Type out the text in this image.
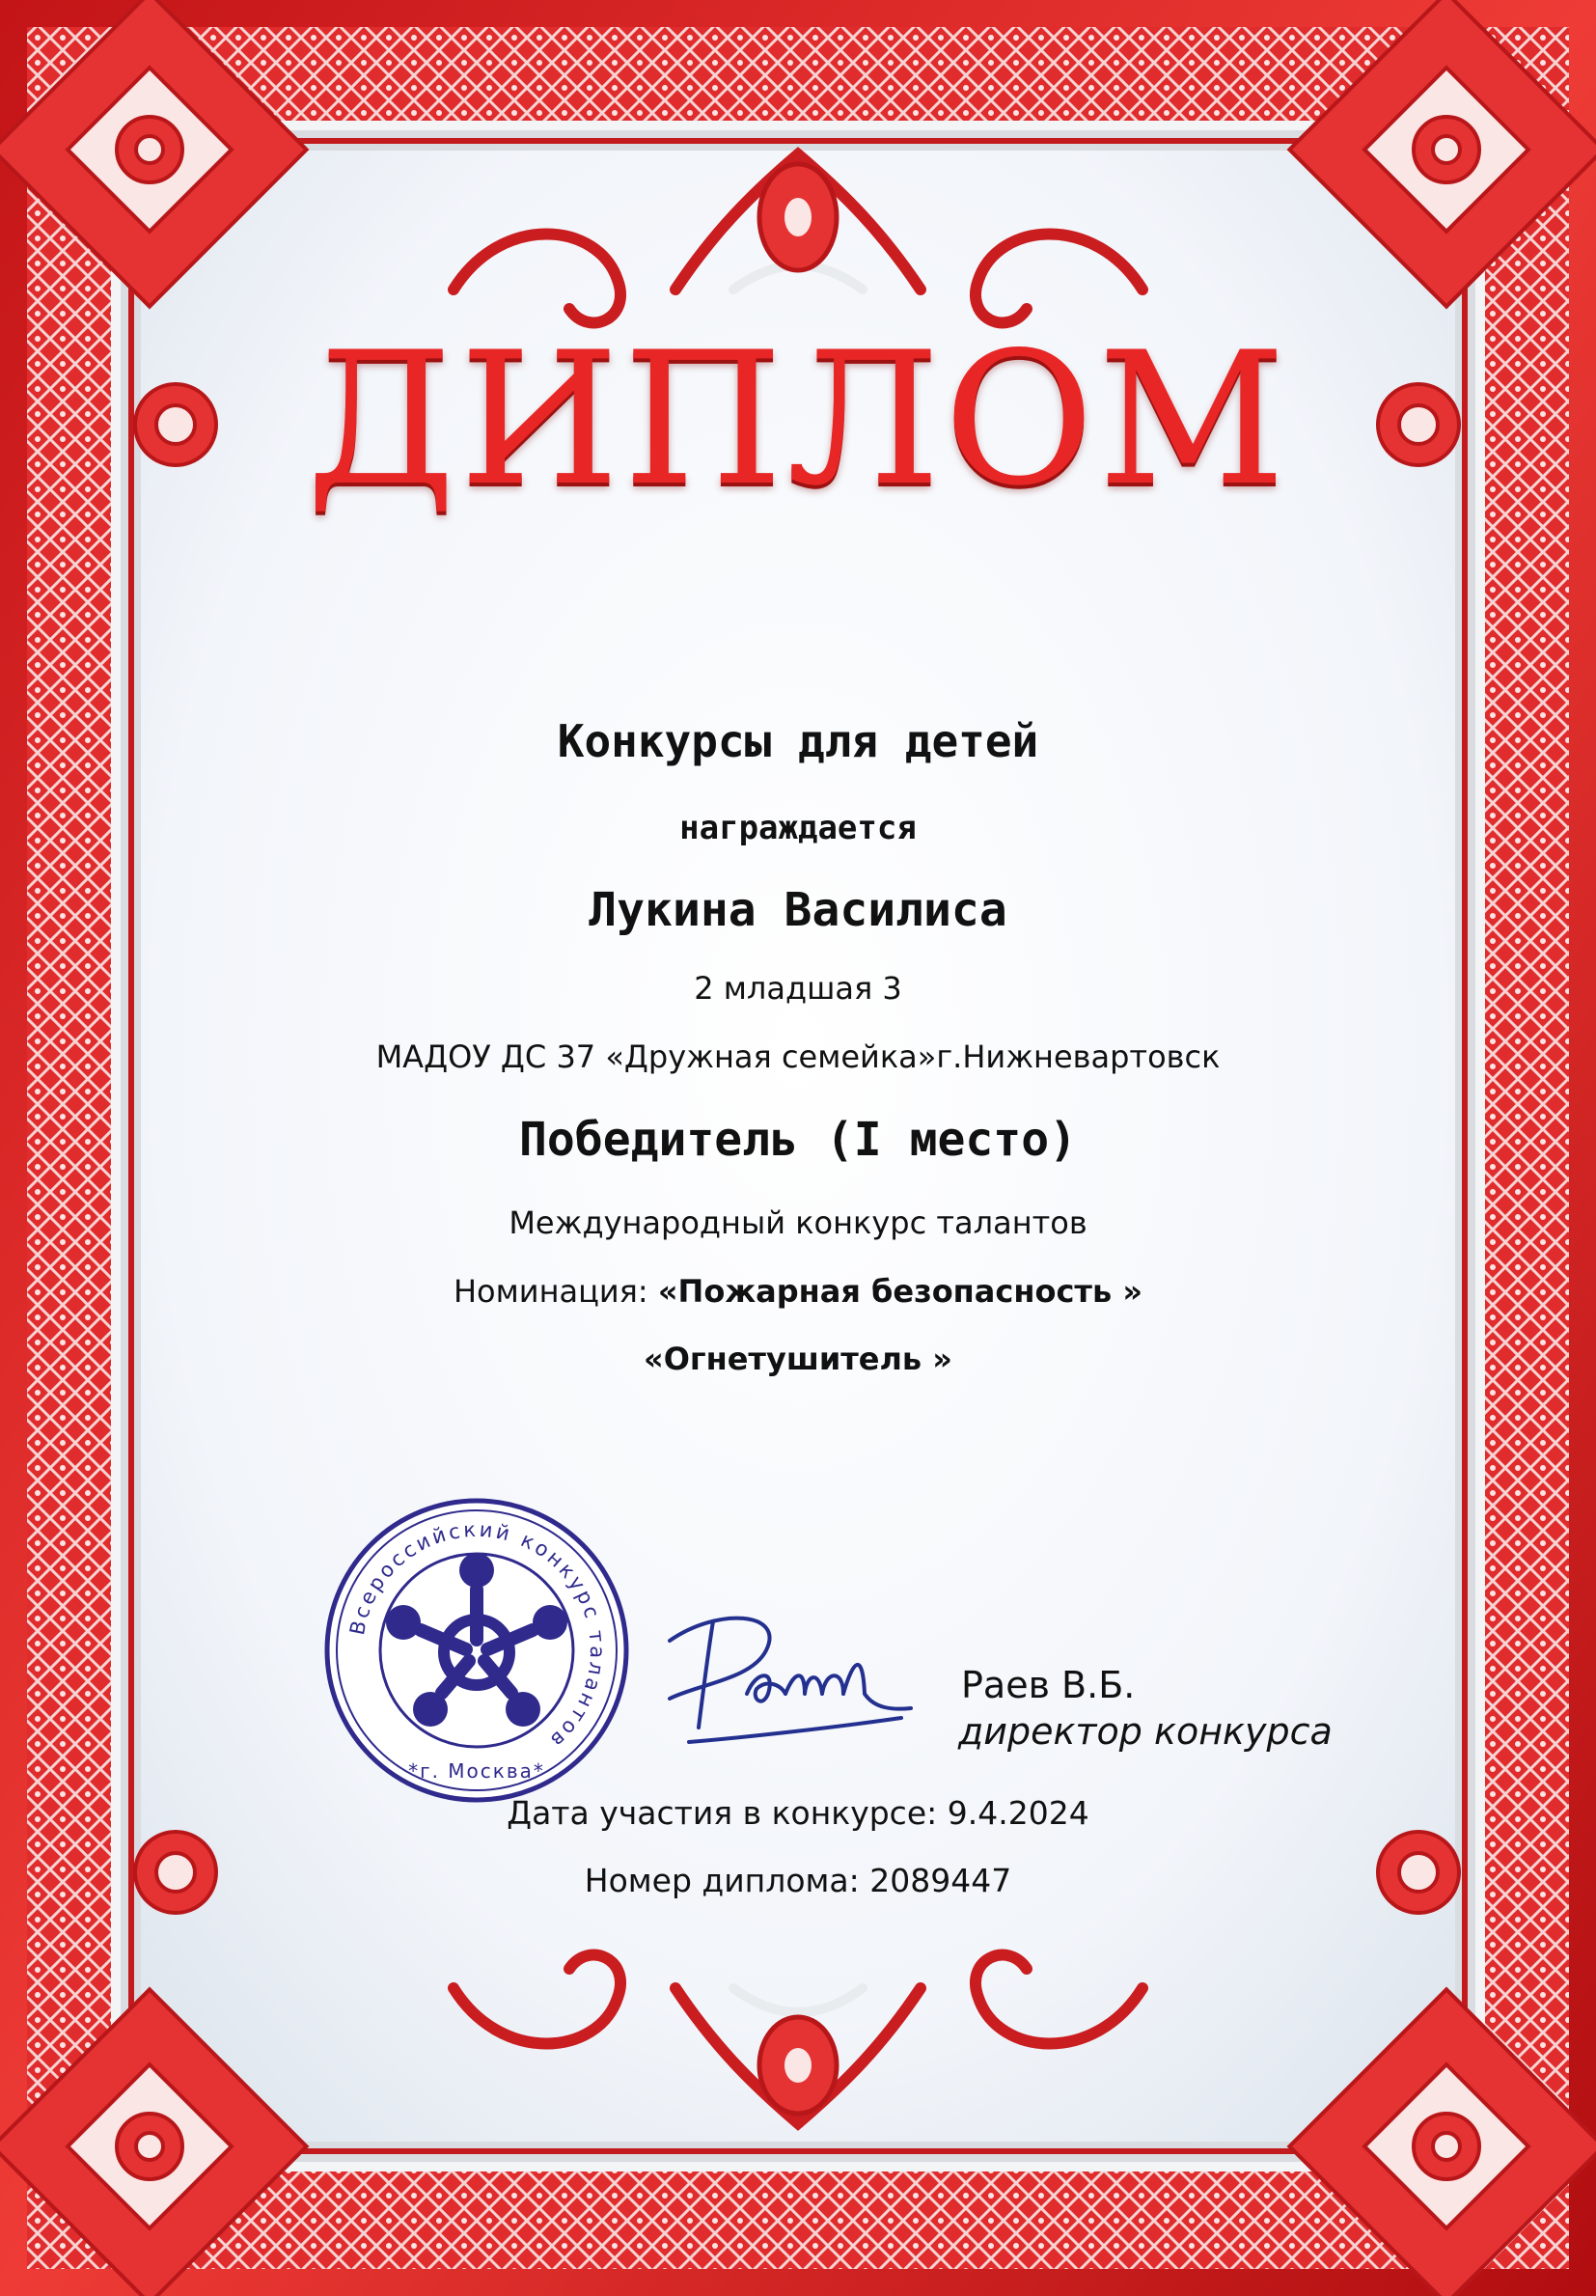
ДИПЛОМ

Конкурсы для детей

награждается

Лукина Василиса

2 младшая 3

МАДОУ ДС 37 «Дружная семейка»г.Нижневартовск

Победитель (I место)

Международный конкурс талантов

Номинация: «Пожарная безопасность »

«Огнетушитель »

Всероссийский конкурс талантов
*г. Москва*

Раев В.Б.

директор конкурса

Дата участия в конкурсе: 9.4.2024

Номер диплома: 2089447
